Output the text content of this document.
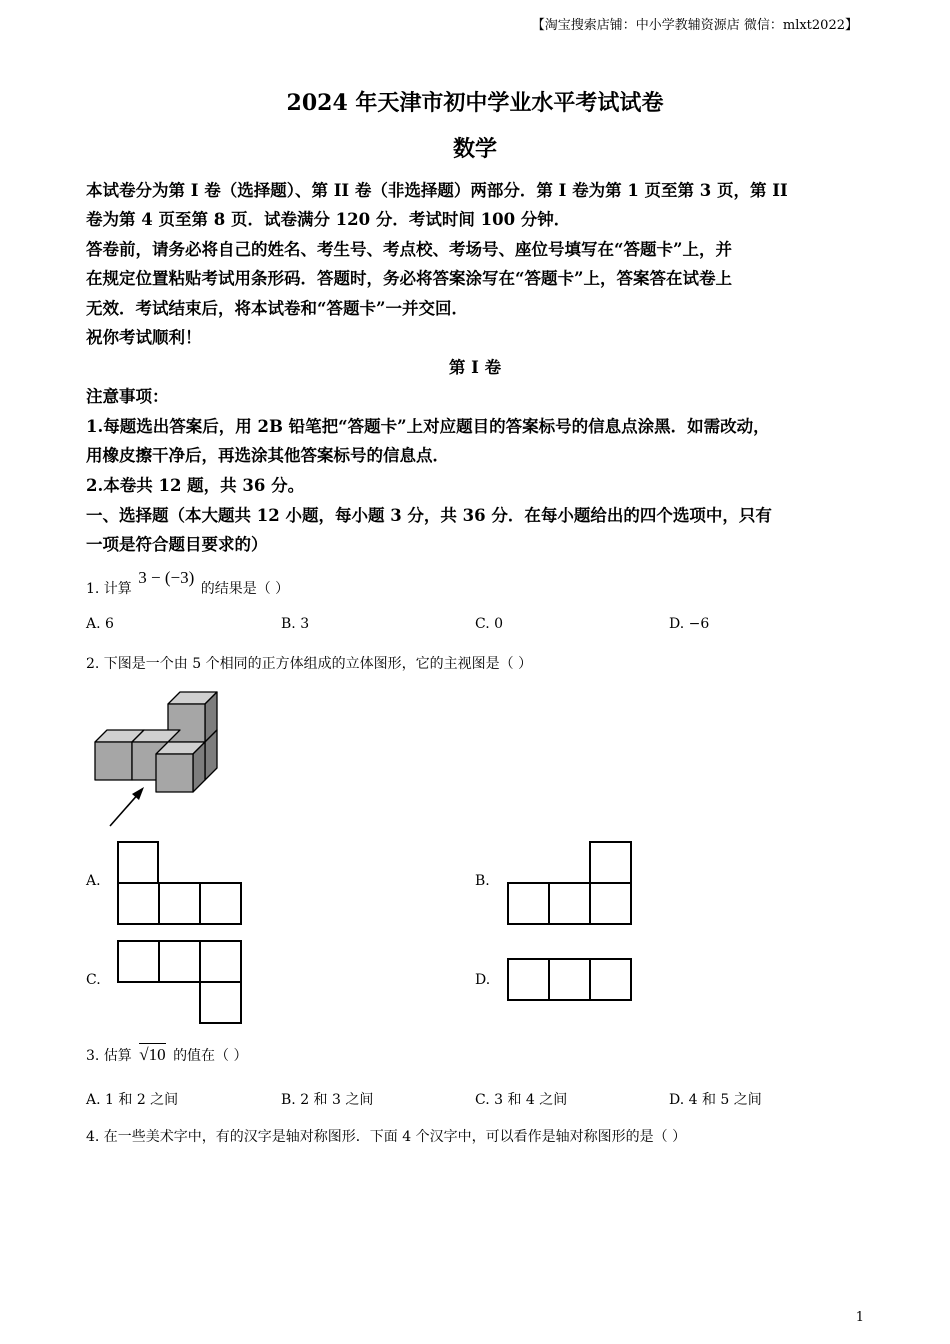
【淘宝搜索店铺：中小学教辅资源店 微信：mlxt2022】
2024 年天津市初中学业水平考试试卷
数学
本试卷分为第 I 卷（选择题）、第 II 卷（非选择题）两部分．第 I 卷为第 1 页至第 3 页，第 II
卷为第 4 页至第 8 页．试卷满分 120 分．考试时间 100 分钟．
答卷前，请务必将自己的姓名、考生号、考点校、考场号、座位号填写在“答题卡”上，并
在规定位置粘贴考试用条形码．答题时，务必将答案涂写在“答题卡”上，答案答在试卷上
无效．考试结束后，将本试卷和“答题卡”一并交回．
祝你考试顺利！
第 I 卷
注意事项：
1.每题选出答案后，用 2B 铅笔把“答题卡”上对应题目的答案标号的信息点涂黑．如需改动，
用橡皮擦干净后，再选涂其他答案标号的信息点．
2.本卷共 12 题，共 36 分。
一、选择题（本大题共 12 小题，每小题 3 分，共 36 分．在每小题给出的四个选项中，只有
一项是符合题目要求的）
1. 计算 3 − (−3) 的结果是（ ）
A. 6	B. 3	C. 0	D. −6
2. 下图是一个由 5 个相同的正方体组成的立体图形，它的主视图是（ ）
A.	B.
C.	D.
3. 估算 √10 的值在（ ）
A. 1 和 2 之间	B. 2 和 3 之间	C. 3 和 4 之间	D. 4 和 5 之间
4. 在一些美术字中，有的汉字是轴对称图形．下面 4 个汉字中，可以看作是轴对称图形的是（ ）
1
